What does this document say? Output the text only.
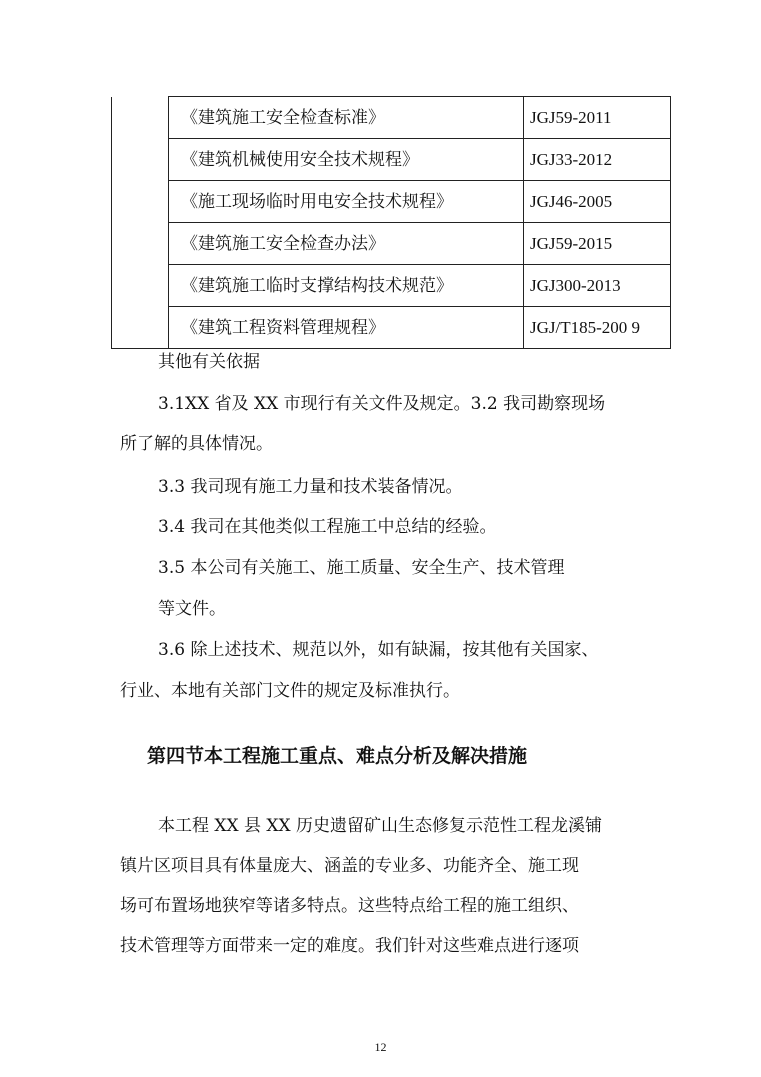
	《建筑施工安全检查标准》	JGJ59-2011
	《建筑机械使用安全技术规程》	JGJ33-2012
	《施工现场临时用电安全技术规程》	JGJ46-2005
	《建筑施工安全检查办法》	JGJ59-2015
	《建筑施工临时支撑结构技术规范》	JGJ300-2013
	《建筑工程资料管理规程》	JGJ/T185-200 9
其他有关依据
3.1XX 省及 XX 市现行有关文件及规定。3.2 我司勘察现场
所了解的具体情况。
3.3 我司现有施工力量和技术装备情况。
3.4 我司在其他类似工程施工中总结的经验。
3.5 本公司有关施工、施工质量、安全生产、技术管理
等文件。
3.6 除上述技术、规范以外，如有缺漏，按其他有关国家、
行业、本地有关部门文件的规定及标准执行。
第四节本工程施工重点、难点分析及解决措施
本工程 XX 县 XX 历史遗留矿山生态修复示范性工程龙溪铺
镇片区项目具有体量庞大、涵盖的专业多、功能齐全、施工现
场可布置场地狭窄等诸多特点。这些特点给工程的施工组织、
技术管理等方面带来一定的难度。我们针对这些难点进行逐项
12
